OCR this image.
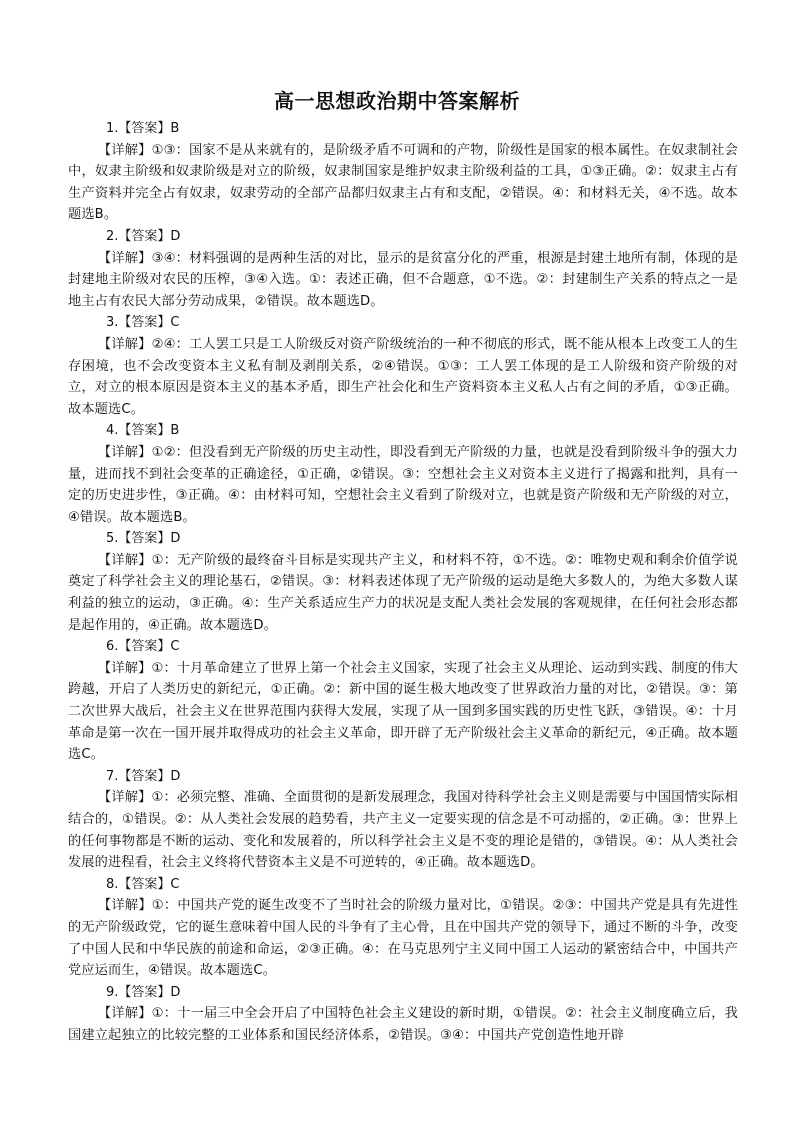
高一思想政治期中答案解析

1.【答案】B

【详解】①③：国家不是从来就有的，是阶级矛盾不可调和的产物，阶级性是国家的根本属性。在奴隶制社会中，奴隶主阶级和奴隶阶级是对立的阶级，奴隶制国家是维护奴隶主阶级利益的工具，①③正确。②：奴隶主占有生产资料并完全占有奴隶，奴隶劳动的全部产品都归奴隶主占有和支配，②错误。④：和材料无关，④不选。故本题选B。

2.【答案】D

【详解】③④：材料强调的是两种生活的对比，显示的是贫富分化的严重，根源是封建土地所有制，体现的是封建地主阶级对农民的压榨，③④入选。①：表述正确，但不合题意，①不选。②：封建制生产关系的特点之一是地主占有农民大部分劳动成果，②错误。故本题选D。

3.【答案】C

【详解】②④：工人罢工只是工人阶级反对资产阶级统治的一种不彻底的形式，既不能从根本上改变工人的生存困境，也不会改变资本主义私有制及剥削关系，②④错误。①③：工人罢工体现的是工人阶级和资产阶级的对立，对立的根本原因是资本主义的基本矛盾，即生产社会化和生产资料资本主义私人占有之间的矛盾，①③正确。故本题选C。

4.【答案】B

【详解】①②：但没看到无产阶级的历史主动性，即没看到无产阶级的力量，也就是没看到阶级斗争的强大力量，进而找不到社会变革的正确途径，①正确，②错误。③：空想社会主义对资本主义进行了揭露和批判，具有一定的历史进步性，③正确。④：由材料可知，空想社会主义看到了阶级对立，也就是资产阶级和无产阶级的对立，④错误。故本题选B。

5.【答案】D

【详解】①：无产阶级的最终奋斗目标是实现共产主义，和材料不符，①不选。②：唯物史观和剩余价值学说奠定了科学社会主义的理论基石，②错误。③：材料表述体现了无产阶级的运动是绝大多数人的，为绝大多数人谋利益的独立的运动，③正确。④：生产关系适应生产力的状况是支配人类社会发展的客观规律，在任何社会形态都是起作用的，④正确。故本题选D。

6.【答案】C

【详解】①：十月革命建立了世界上第一个社会主义国家，实现了社会主义从理论、运动到实践、制度的伟大跨越，开启了人类历史的新纪元，①正确。②：新中国的诞生极大地改变了世界政治力量的对比，②错误。③：第二次世界大战后，社会主义在世界范围内获得大发展，实现了从一国到多国实践的历史性飞跃，③错误。④：十月革命是第一次在一国开展并取得成功的社会主义革命，即开辟了无产阶级社会主义革命的新纪元，④正确。故本题选C。

7.【答案】D

【详解】①：必须完整、准确、全面贯彻的是新发展理念，我国对待科学社会主义则是需要与中国国情实际相结合的，①错误。②：从人类社会发展的趋势看，共产主义一定要实现的信念是不可动摇的，②正确。③：世界上的任何事物都是不断的运动、变化和发展着的，所以科学社会主义是不变的理论是错的，③错误。④：从人类社会发展的进程看，社会主义终将代替资本主义是不可逆转的，④正确。故本题选D。

8.【答案】C

【详解】①：中国共产党的诞生改变不了当时社会的阶级力量对比，①错误。②③：中国共产党是具有先进性的无产阶级政党，它的诞生意味着中国人民的斗争有了主心骨，且在中国共产党的领导下，通过不断的斗争，改变了中国人民和中华民族的前途和命运，②③正确。④：在马克思列宁主义同中国工人运动的紧密结合中，中国共产党应运而生，④错误。故本题选C。

9.【答案】D

【详解】①：十一届三中全会开启了中国特色社会主义建设的新时期，①错误。②：社会主义制度确立后，我国建立起独立的比较完整的工业体系和国民经济体系，②错误。③④：中国共产党创造性地开辟
